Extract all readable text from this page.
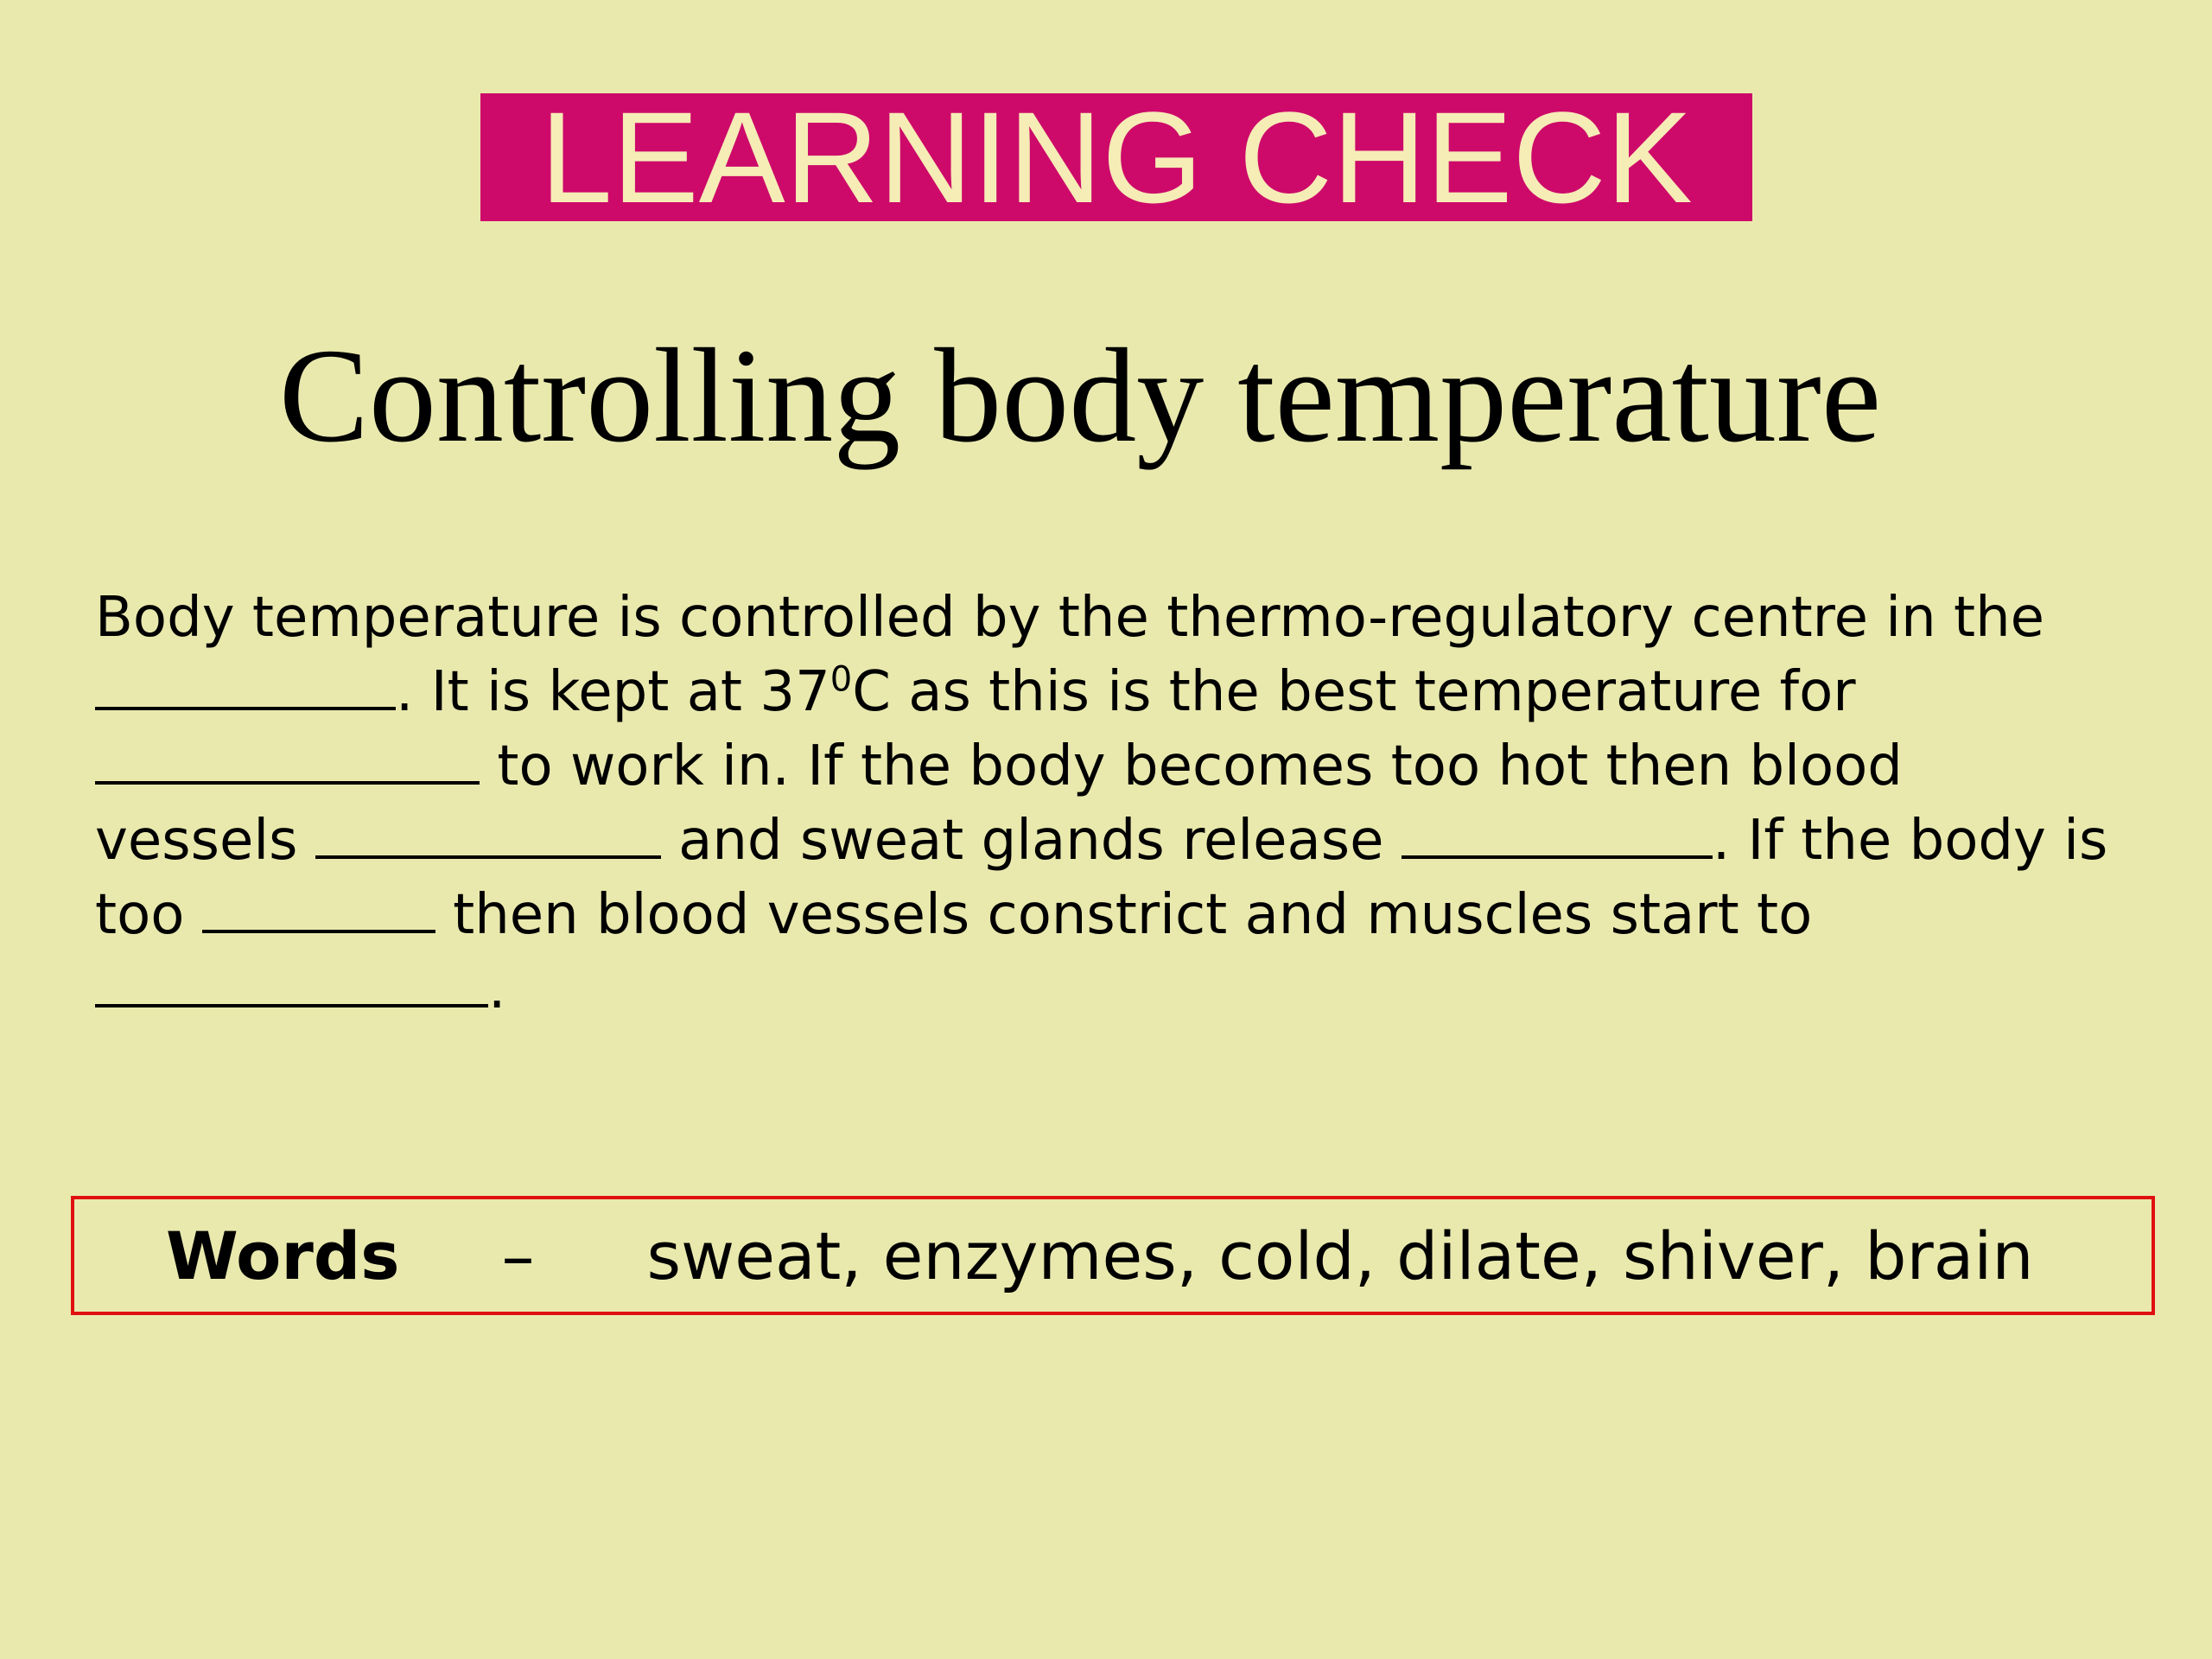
LEARNING CHECK
Controlling body temperature
Body temperature is controlled by the thermo-regulatory centre in the
. It is kept at $37^0C$ as this is the best temperature for
to work in. If the body becomes too hot then blood
vessels	and sweat glands release	. If the body is
too	then blood vessels constrict and muscles start to
.
Words – sweat, enzymes, cold, dilate, shiver, brain
